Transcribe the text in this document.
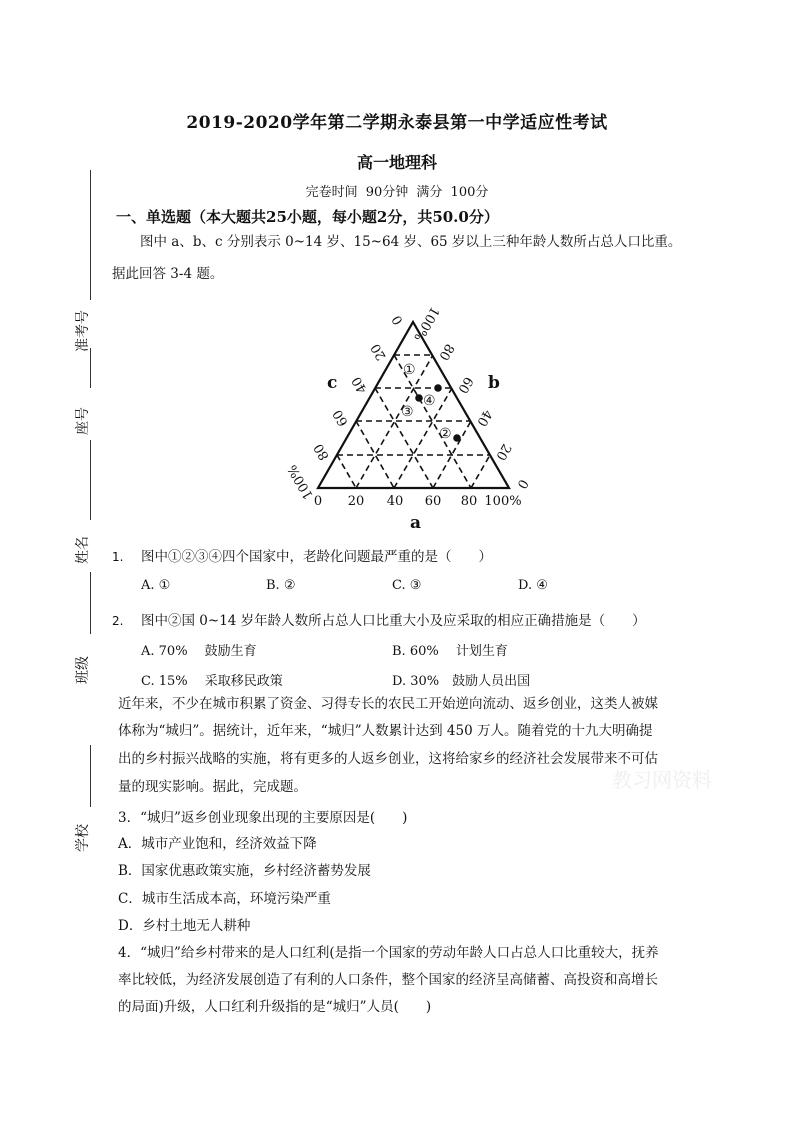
准考号
座号
姓名
班级
学校
2019-2020学年第二学期永泰县第一中学适应性考试
高一地理科
完卷时间 90分钟 满分 100分
一、单选题（本大题共25小题，每小题2分，共50.0分）
图中 a、b、c 分别表示 0~14 岁、15~64 岁、65 岁以上三种年龄人数所占总人口比重。
据此回答 3-4 题。
①
④
③
②
0 20 40 60 80 100%
0
20
40
60
80
100%
0
20
40
60
80
100%
a
b
c
1. 图中①②③④四个国家中，老龄化问题最严重的是（　　）
A. ①	B. ②	C. ③	D. ④
2. 图中②国 0~14 岁年龄人数所占总人口比重大小及应采取的相应正确措施是（　　）
A. 70%　 鼓励生育	B. 60%　 计划生育
C. 15%　 采取移民政策	D. 30%　鼓励人员出国
近年来，不少在城市积累了资金、习得专长的农民工开始逆向流动、返乡创业，这类人被媒
体称为“城归”。据统计，近年来，“城归”人数累计达到 450 万人。随着党的十九大明确提
出的乡村振兴战略的实施，将有更多的人返乡创业，这将给家乡的经济社会发展带来不可估
量的现实影响。据此，完成题。	教习网资料
3．“城归”返乡创业现象出现的主要原因是(　　)
A．城市产业饱和，经济效益下降
B．国家优惠政策实施，乡村经济蓄势发展
C．城市生活成本高，环境污染严重
D．乡村土地无人耕种
4．“城归”给乡村带来的是人口红利(是指一个国家的劳动年龄人口占总人口比重较大，抚养
率比较低，为经济发展创造了有利的人口条件，整个国家的经济呈高储蓄、高投资和高增长
的局面)升级，人口红利升级指的是“城归”人员(　　)
